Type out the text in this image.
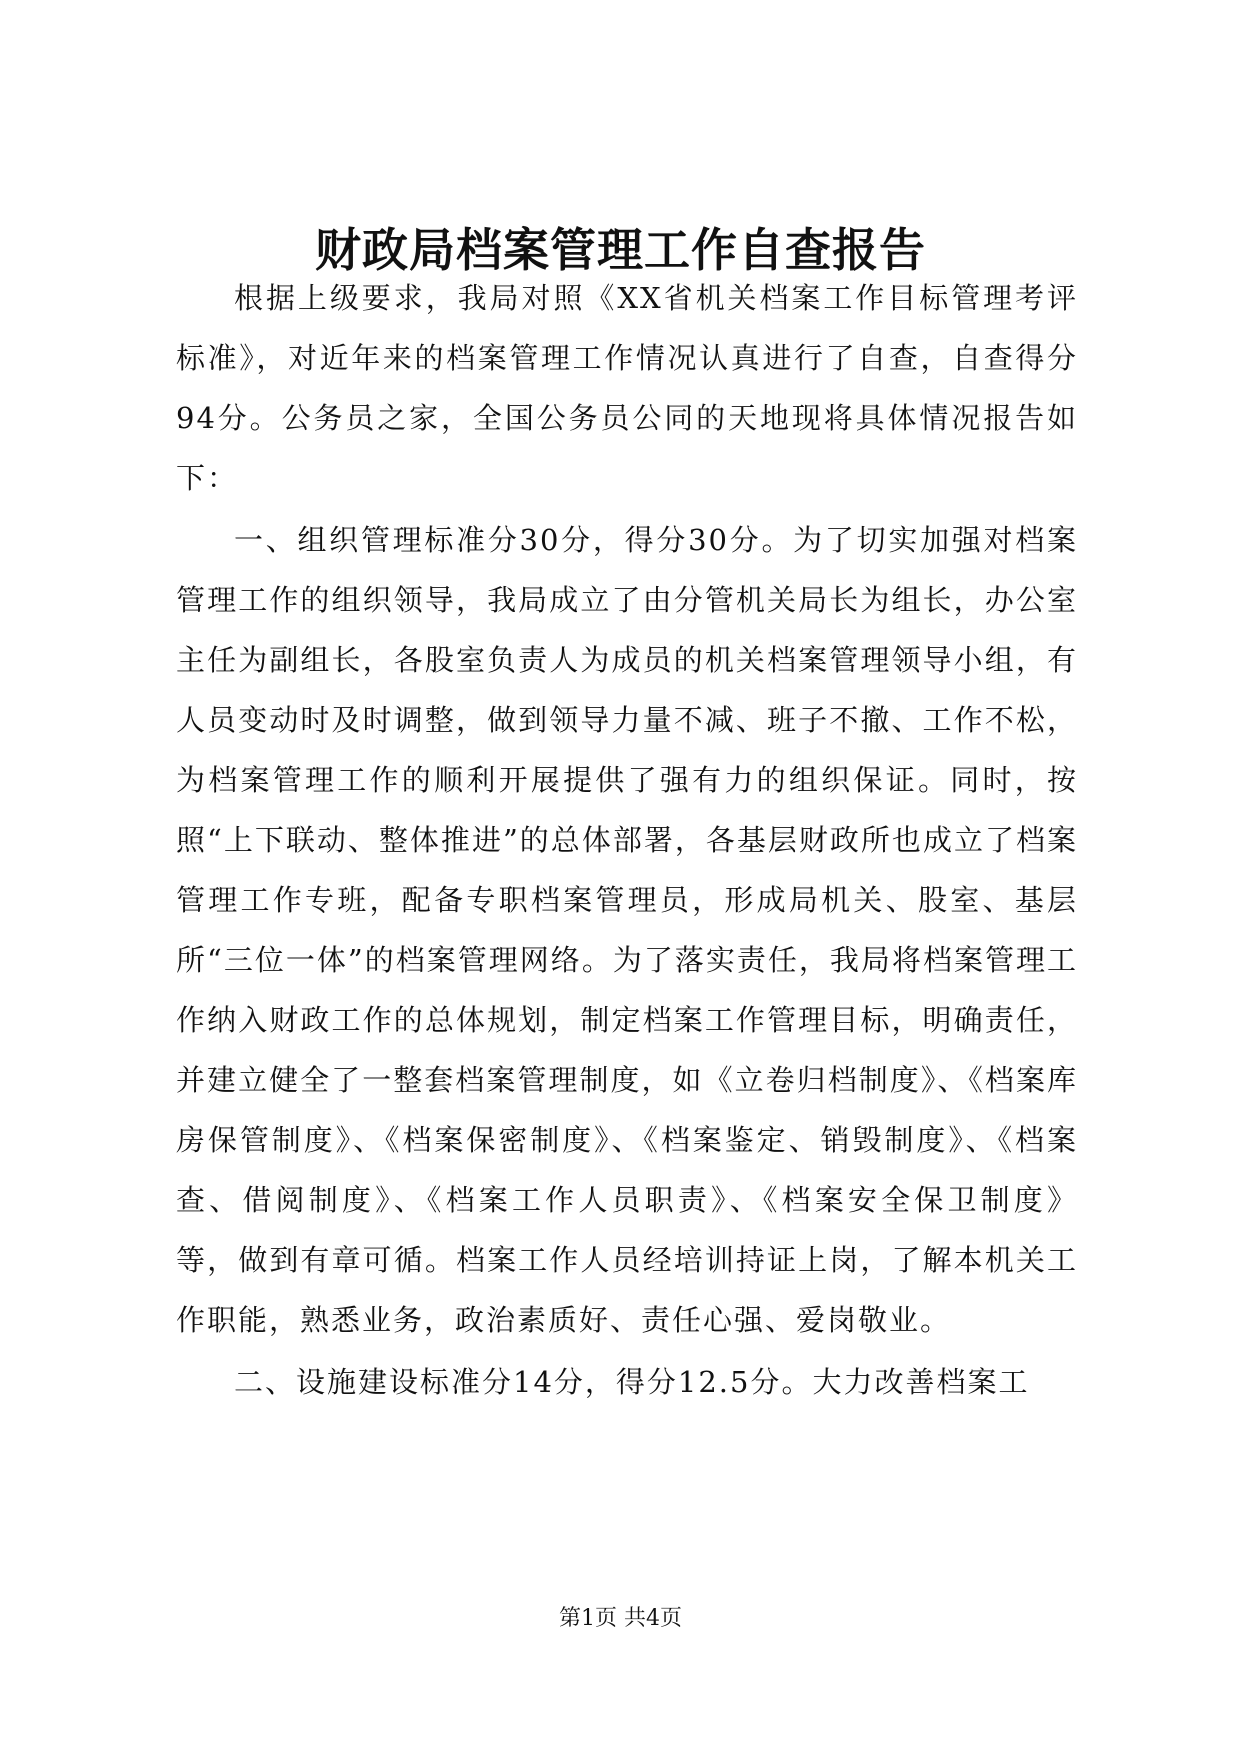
财政局档案管理工作自查报告

根据上级要求，我局对照《XX省机关档案工作目标管理考评标准》，对近年来的档案管理工作情况认真进行了自查，自查得分94分。公务员之家，全国公务员公同的天地现将具体情况报告如下：

一、组织管理标准分30分，得分30分。为了切实加强对档案管理工作的组织领导，我局成立了由分管机关局长为组长，办公室主任为副组长，各股室负责人为成员的机关档案管理领导小组，有人员变动时及时调整，做到领导力量不减、班子不撤、工作不松，为档案管理工作的顺利开展提供了强有力的组织保证。同时，按照“上下联动、整体推进”的总体部署，各基层财政所也成立了档案管理工作专班，配备专职档案管理员，形成局机关、股室、基层所“三位一体”的档案管理网络。为了落实责任，我局将档案管理工作纳入财政工作的总体规划，制定档案工作管理目标，明确责任，并建立健全了一整套档案管理制度，如《立卷归档制度》、《档案库房保管制度》、《档案保密制度》、《档案鉴定、销毁制度》、《档案查、借阅制度》、《档案工作人员职责》、《档案安全保卫制度》等，做到有章可循。档案工作人员经培训持证上岗，了解本机关工作职能，熟悉业务，政治素质好、责任心强、爱岗敬业。

二、设施建设标准分14分，得分12.5分。大力改善档案工

第1页 共4页
